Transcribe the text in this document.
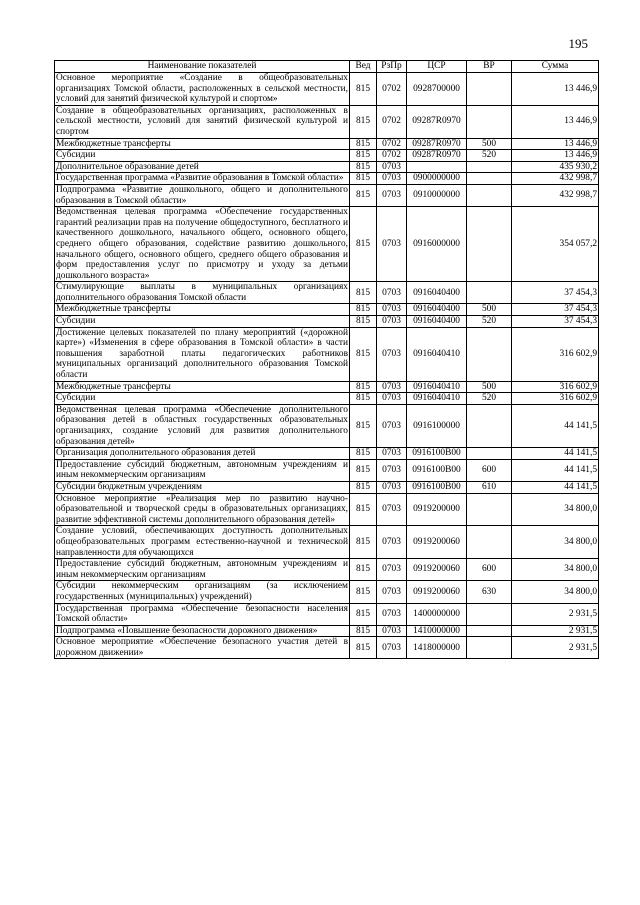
195
Наименование показателей	Вед	РзПр	ЦСР	ВР	Сумма
Основное мероприятие «Создание в общеобразовательных организациях Томской области, расположенных в сельской местности, условий для занятий физической культурой и спортом»	815	0702	0928700000		13 446,9
Создание в общеобразовательных организациях, расположенных в сельской местности, условий для занятий физической культурой и спортом	815	0702	09287R0970		13 446,9
Межбюджетные трансферты	815	0702	09287R0970	500	13 446,9
Субсидии	815	0702	09287R0970	520	13 446,9
Дополнительное образование детей	815	0703			435 930,2
Государственная программа «Развитие образования в Томской области»	815	0703	0900000000		432 998,7
Подпрограмма «Развитие дошкольного, общего и дополнительного образования в Томской области»	815	0703	0910000000		432 998,7
Ведомственная целевая программа «Обеспечение государственных гарантий реализации прав на получение общедоступного, бесплатного и качественного дошкольного, начального общего, основного общего, среднего общего образования, содействие развитию дошкольного, начального общего, основного общего, среднего общего образования и форм предоставления услуг по присмотру и уходу за детьми дошкольного возраста»	815	0703	0916000000		354 057,2
Стимулирующие выплаты в муниципальных организациях дополнительного образования Томской области	815	0703	0916040400		37 454,3
Межбюджетные трансферты	815	0703	0916040400	500	37 454,3
Субсидии	815	0703	0916040400	520	37 454,3
Достижение целевых показателей по плану мероприятий («дорожной карте») «Изменения в сфере образования в Томской области» в части повышения заработной платы педагогических работников муниципальных организаций дополнительного образования Томской области	815	0703	0916040410		316 602,9
Межбюджетные трансферты	815	0703	0916040410	500	316 602,9
Субсидии	815	0703	0916040410	520	316 602,9
Ведомственная целевая программа «Обеспечение дополнительного образования детей в областных государственных образовательных организациях, создание условий для развития дополнительного образования детей»	815	0703	0916100000		44 141,5
Организация дополнительного образования детей	815	0703	0916100В00		44 141,5
Предоставление субсидий бюджетным, автономным учреждениям и иным некоммерческим организациям	815	0703	0916100В00	600	44 141,5
Субсидии бюджетным учреждениям	815	0703	0916100В00	610	44 141,5
Основное мероприятие «Реализация мер по развитию научно-образовательной и творческой среды в образовательных организациях, развитие эффективной системы дополнительного образования детей»	815	0703	0919200000		34 800,0
Создание условий, обеспечивающих доступность дополнительных общеобразовательных программ естественно-научной и технической направленности для обучающихся	815	0703	0919200060		34 800,0
Предоставление субсидий бюджетным, автономным учреждениям и иным некоммерческим организациям	815	0703	0919200060	600	34 800,0
Субсидии некоммерческим организациям (за исключением государственных (муниципальных) учреждений)	815	0703	0919200060	630	34 800,0
Государственная программа «Обеспечение безопасности населения Томской области»	815	0703	1400000000		2 931,5
Подпрограмма «Повышение безопасности дорожного движения»	815	0703	1410000000		2 931,5
Основное мероприятие «Обеспечение безопасного участия детей в дорожном движении»	815	0703	1418000000		2 931,5
